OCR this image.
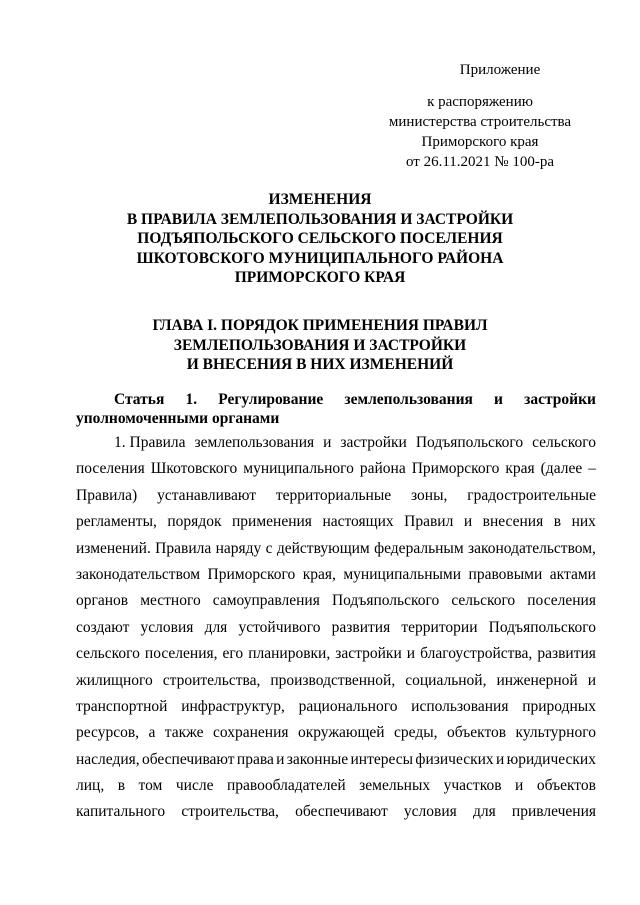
Приложение
к распоряжению
министерства строительства
Приморского края
от 26.11.2021 № 100-ра
ИЗМЕНЕНИЯ
В ПРАВИЛА ЗЕМЛЕПОЛЬЗОВАНИЯ И ЗАСТРОЙКИ
ПОДЪЯПОЛЬСКОГО СЕЛЬСКОГО ПОСЕЛЕНИЯ
ШКОТОВСКОГО МУНИЦИПАЛЬНОГО РАЙОНА
ПРИМОРСКОГО КРАЯ
ГЛАВА I. ПОРЯДОК ПРИМЕНЕНИЯ ПРАВИЛ
ЗЕМЛЕПОЛЬЗОВАНИЯ И ЗАСТРОЙКИ
И ВНЕСЕНИЯ В НИХ ИЗМЕНЕНИЙ
Статья 1. Регулирование землепользования и застройки
уполномоченными органами
1. Правила землепользования и застройки Подъяпольского сельского
поселения Шкотовского муниципального района Приморского края (далее –
Правила) устанавливают территориальные зоны, градостроительные
регламенты, порядок применения настоящих Правил и внесения в них
изменений. Правила наряду с действующим федеральным законодательством,
законодательством Приморского края, муниципальными правовыми актами
органов местного самоуправления Подъяпольского сельского поселения
создают условия для устойчивого развития территории Подъяпольского
сельского поселения, его планировки, застройки и благоустройства, развития
жилищного строительства, производственной, социальной, инженерной и
транспортной инфраструктур, рационального использования природных
ресурсов, а также сохранения окружающей среды, объектов культурного
наследия, обеспечивают права и законные интересы физических и юридических
лиц, в том числе правообладателей земельных участков и объектов
капитального строительства, обеспечивают условия для привлечения
